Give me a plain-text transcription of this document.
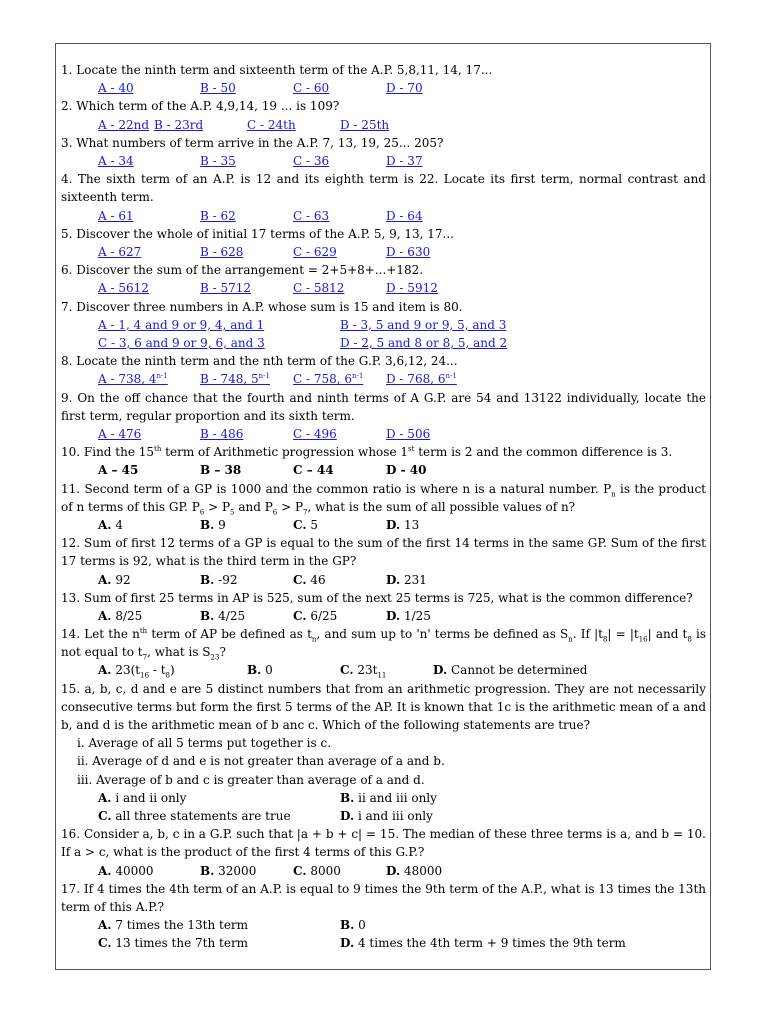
1. Locate the ninth term and sixteenth term of the A.P. 5,8,11, 14, 17...

A - 40	B - 50	C - 60	D - 70

2. Which term of the A.P. 4,9,14, 19 ... is 109?

A - 22nd B - 23rd	C - 24th	D - 25th

3. What numbers of term arrive in the A.P. 7, 13, 19, 25... 205?

A - 34	B - 35	C - 36	D - 37

4. The sixth term of an A.P. is 12 and its eighth term is 22. Locate its first term, normal contrast and sixteenth term.

A - 61	B - 62	C - 63	D - 64

5. Discover the whole of initial 17 terms of the A.P. 5, 9, 13, 17...

A - 627	B - 628	C - 629	D - 630

6. Discover the sum of the arrangement = 2+5+8+...+182.

A - 5612	B - 5712	C - 5812	D - 5912

7. Discover three numbers in A.P. whose sum is 15 and item is 80.

A - 1, 4 and 9 or 9, 4, and 1	B - 3, 5 and 9 or 9, 5, and 3
C - 3, 6 and 9 or 9, 6, and 3	D - 2, 5 and 8 or 8, 5, and 2

8. Locate the ninth term and the nth term of the G.P. 3,6,12, 24...

A - 738, 4$^{n-1}$	B - 748, 5$^{n-1}$ C - 758, 6$^{n-1}$ D - 768, 6$^{n-1}$

9. On the off chance that the fourth and ninth terms of A G.P. are 54 and 13122 individually, locate the first term, regular proportion and its sixth term.

A - 476	B - 486	C - 496	D - 506

10. Find the 15th term of Arithmetic progression whose 1st term is 2 and the common difference is 3.

A – 45	B – 38	C – 44	D - 40

11. Second term of a GP is 1000 and the common ratio is where n is a natural number. $P_n$ is the product of n terms of this GP. $P_6 > P_5$ and $P_6 > P_7$, what is the sum of all possible values of n?

A. 4	B. 9	C. 5	D. 13

12. Sum of first 12 terms of a GP is equal to the sum of the first 14 terms in the same GP. Sum of the first 17 terms is 92, what is the third term in the GP?

A. 92	B. -92	C. 46	D. 231

13. Sum of first 25 terms in AP is 525, sum of the next 25 terms is 725, what is the common difference?

A. 8/25	B. 4/25	C. 6/25	D. 1/25

14. Let the $n^{th}$ term of AP be defined as $t_n$, and sum up to 'n' terms be defined as $S_n$. If $|t_8| = |t_{16}|$ and $t_8$ is not equal to $t_7$, what is $S_{23}$?

A. $23(t_{16} - t_8)$	B. 0	C. $23t_{11}$	D. Cannot be determined

15. a, b, c, d and e are 5 distinct numbers that from an arithmetic progression. They are not necessarily consecutive terms but form the first 5 terms of the AP. It is known that 1c is the arithmetic mean of a and b, and d is the arithmetic mean of b anc c. Which of the following statements are true?

i. Average of all 5 terms put together is c.
ii. Average of d and e is not greater than average of a and b.
iii. Average of b and c is greater than average of a and d.
A. i and ii only	B. ii and iii only
C. all three statements are true	D. i and iii only

16. Consider a, b, c in a G.P. such that |a + b + c| = 15. The median of these three terms is a, and b = 10. If a > c, what is the product of the first 4 terms of this G.P.?

A. 40000	B. 32000	C. 8000	D. 48000

17. If 4 times the 4th term of an A.P. is equal to 9 times the 9th term of the A.P., what is 13 times the 13th term of this A.P.?

A. 7 times the 13th term	B. 0
C. 13 times the 7th term	D. 4 times the 4th term + 9 times the 9th term
